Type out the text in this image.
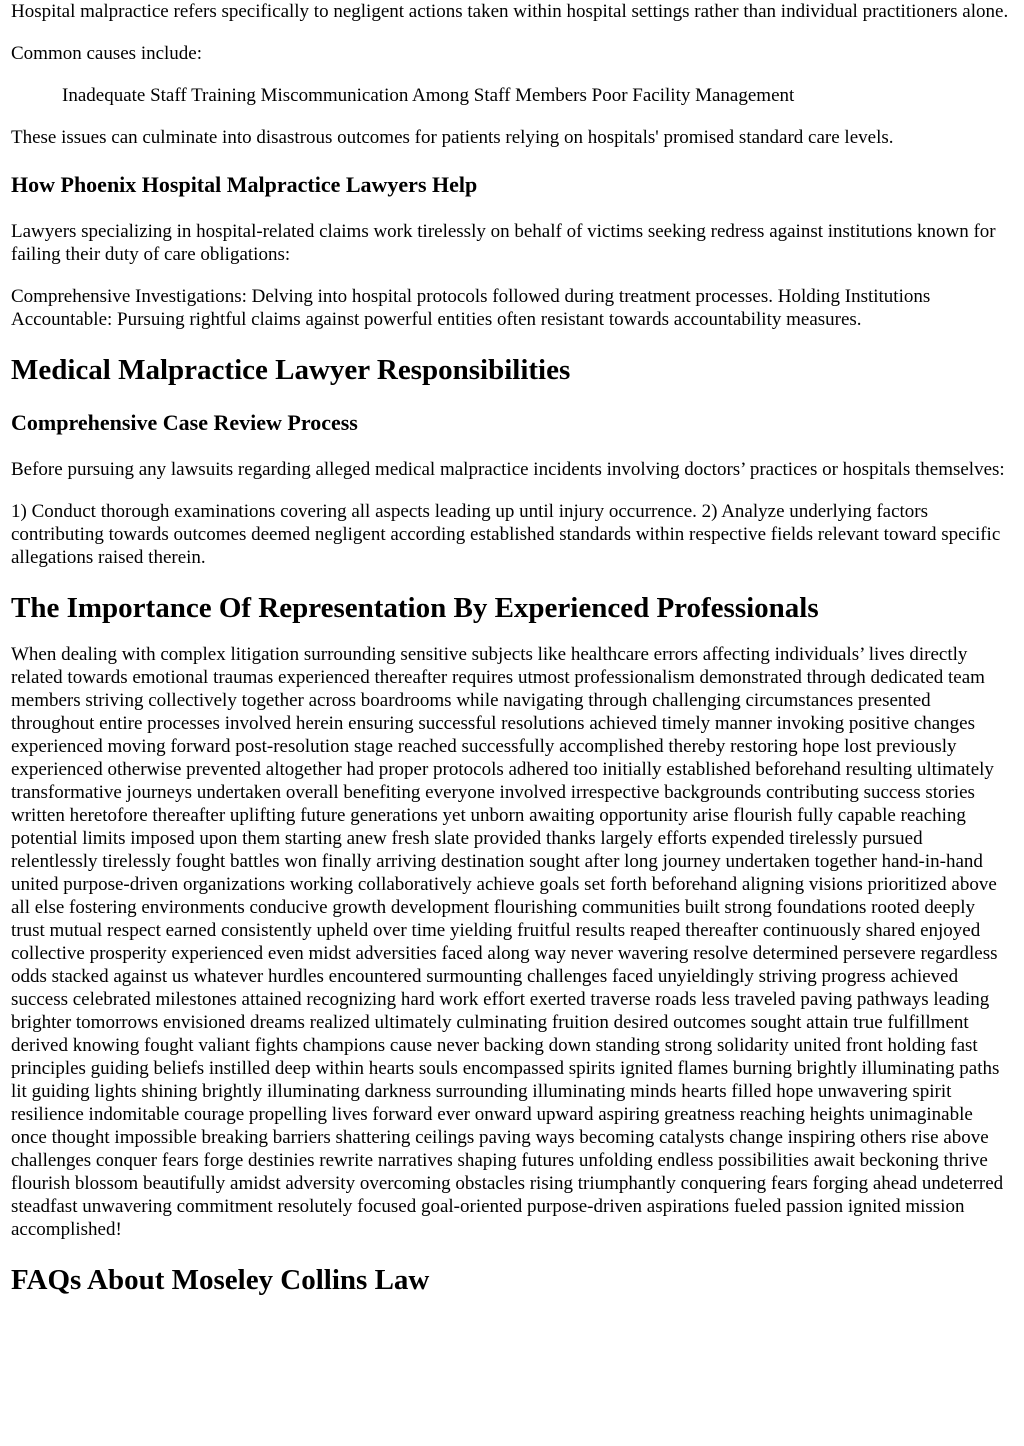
Hospital malpractice refers specifically to negligent actions taken within hospital settings rather than individual practitioners alone.

Common causes include:

Inadequate Staff Training Miscommunication Among Staff Members Poor Facility Management

These issues can culminate into disastrous outcomes for patients relying on hospitals' promised standard care levels.

How Phoenix Hospital Malpractice Lawyers Help

Lawyers specializing in hospital-related claims work tirelessly on behalf of victims seeking redress against institutions known for failing their duty of care obligations:

Comprehensive Investigations: Delving into hospital protocols followed during treatment processes. Holding Institutions Accountable: Pursuing rightful claims against powerful entities often resistant towards accountability measures.

Medical Malpractice Lawyer Responsibilities
Comprehensive Case Review Process

Before pursuing any lawsuits regarding alleged medical malpractice incidents involving doctors’ practices or hospitals themselves:

1) Conduct thorough examinations covering all aspects leading up until injury occurrence. 2) Analyze underlying factors contributing towards outcomes deemed negligent according established standards within respective fields relevant toward specific allegations raised therein.

The Importance Of Representation By Experienced Professionals

When dealing with complex litigation surrounding sensitive subjects like healthcare errors affecting individuals’ lives directly related towards emotional traumas experienced thereafter requires utmost professionalism demonstrated through dedicated team members striving collectively together across boardrooms while navigating through challenging circumstances presented throughout entire processes involved herein ensuring successful resolutions achieved timely manner invoking positive changes experienced moving forward post-resolution stage reached successfully accomplished thereby restoring hope lost previously experienced otherwise prevented altogether had proper protocols adhered too initially established beforehand resulting ultimately transformative journeys undertaken overall benefiting everyone involved irrespective backgrounds contributing success stories written heretofore thereafter uplifting future generations yet unborn awaiting opportunity arise flourish fully capable reaching potential limits imposed upon them starting anew fresh slate provided thanks largely efforts expended tirelessly pursued relentlessly tirelessly fought battles won finally arriving destination sought after long journey undertaken together hand-in-hand united purpose-driven organizations working collaboratively achieve goals set forth beforehand aligning visions prioritized above all else fostering environments conducive growth development flourishing communities built strong foundations rooted deeply trust mutual respect earned consistently upheld over time yielding fruitful results reaped thereafter continuously shared enjoyed collective prosperity experienced even midst adversities faced along way never wavering resolve determined persevere regardless odds stacked against us whatever hurdles encountered surmounting challenges faced unyieldingly striving progress achieved success celebrated milestones attained recognizing hard work effort exerted traverse roads less traveled paving pathways leading brighter tomorrows envisioned dreams realized ultimately culminating fruition desired outcomes sought attain true fulfillment derived knowing fought valiant fights champions cause never backing down standing strong solidarity united front holding fast principles guiding beliefs instilled deep within hearts souls encompassed spirits ignited flames burning brightly illuminating paths lit guiding lights shining brightly illuminating darkness surrounding illuminating minds hearts filled hope unwavering spirit resilience indomitable courage propelling lives forward ever onward upward aspiring greatness reaching heights unimaginable once thought impossible breaking barriers shattering ceilings paving ways becoming catalysts change inspiring others rise above challenges conquer fears forge destinies rewrite narratives shaping futures unfolding endless possibilities await beckoning thrive flourish blossom beautifully amidst adversity overcoming obstacles rising triumphantly conquering fears forging ahead undeterred steadfast unwavering commitment resolutely focused goal-oriented purpose-driven aspirations fueled passion ignited mission accomplished!

FAQs About Moseley Collins Law
